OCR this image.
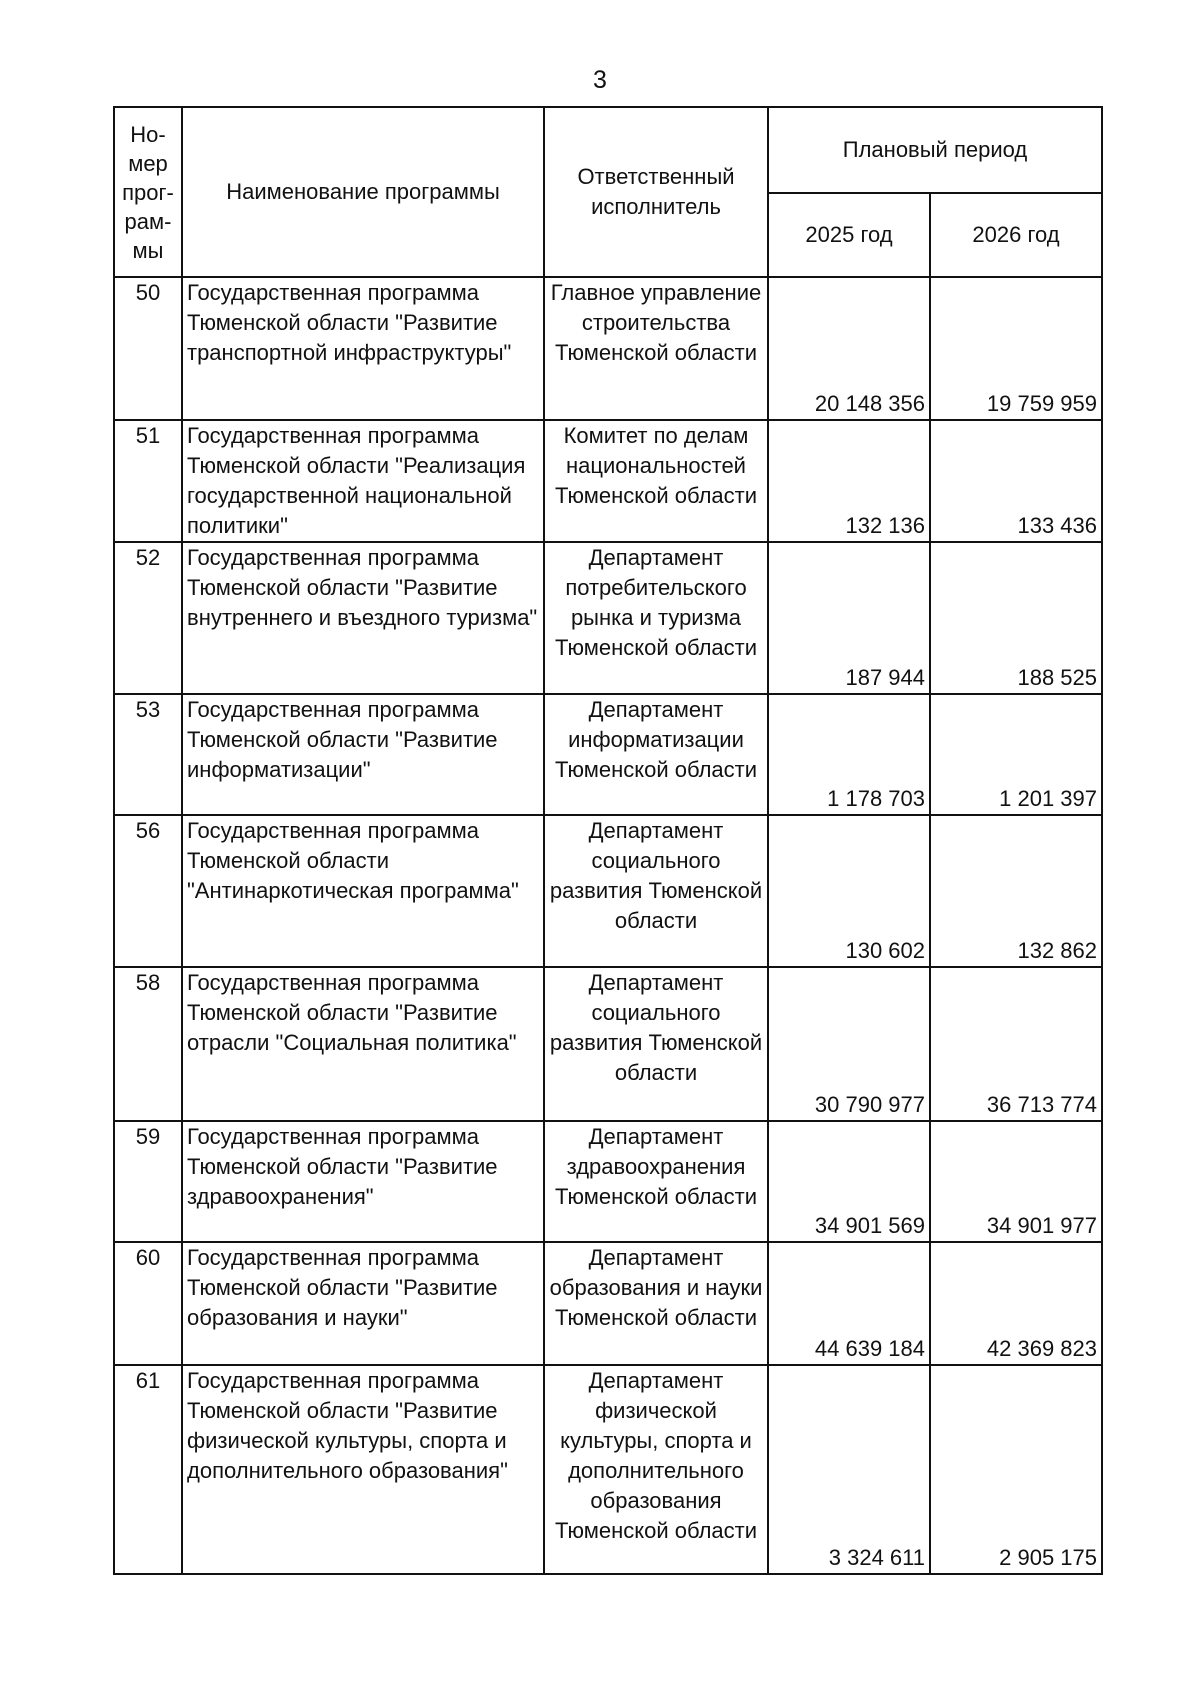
3
Но-
мер
прог-
рам-
мы	Наименование программы	Ответственный исполнитель	Плановый период	
			2025 год	2026 год
50	Государственная программа Тюменской области "Развитие транспортной инфраструктуры"	Главное управление строительства Тюменской области	20 148 356	19 759 959
51	Государственная программа Тюменской области "Реализация государственной национальной политики"	Комитет по делам национальностей Тюменской области	132 136	133 436
52	Государственная программа Тюменской области "Развитие внутреннего и въездного туризма"	Департамент потребительского рынка и туризма Тюменской области	187 944	188 525
53	Государственная программа Тюменской области "Развитие информатизации"	Департамент информатизации Тюменской области	1 178 703	1 201 397
56	Государственная программа Тюменской области "Антинаркотическая программа"	Департамент социального развития Тюменской области	130 602	132 862
58	Государственная программа Тюменской области "Развитие отрасли "Социальная политика"	Департамент социального развития Тюменской области	30 790 977	36 713 774
59	Государственная программа Тюменской области "Развитие здравоохранения"	Департамент здравоохранения Тюменской области	34 901 569	34 901 977
60	Государственная программа Тюменской области "Развитие образования и науки"	Департамент образования и науки Тюменской области	44 639 184	42 369 823
61	Государственная программа Тюменской области "Развитие физической культуры, спорта и дополнительного образования"	Департамент физической культуры, спорта и дополнительного образования Тюменской области	3 324 611	2 905 175
